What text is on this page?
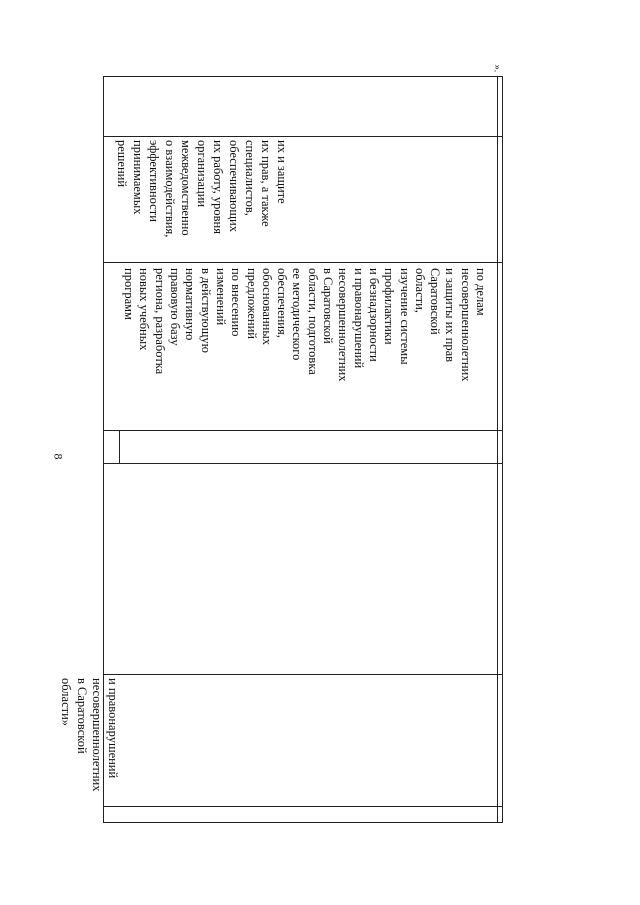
8
».
и правонарушений
несовершеннолетних
в Саратовской
области»
по делам
несовершеннолетних
и защиты их прав
Саратовской
области,
изучение системы
профилактики
и безнадзорности
и правонарушений
несовершеннолетних
в Саратовской
области, подготовка
ее методического
обеспечения,
обоснованных
предложений
по внесению
изменений
в действующую
нормативную
правовую базу
региона, разработка
новых учебных
программ
их и защите
их прав, а также
специалистов,
обеспечивающих
их работу, уровня
организации
межведомственно
о взаимодействия,
эффективности
принимаемых
решений
